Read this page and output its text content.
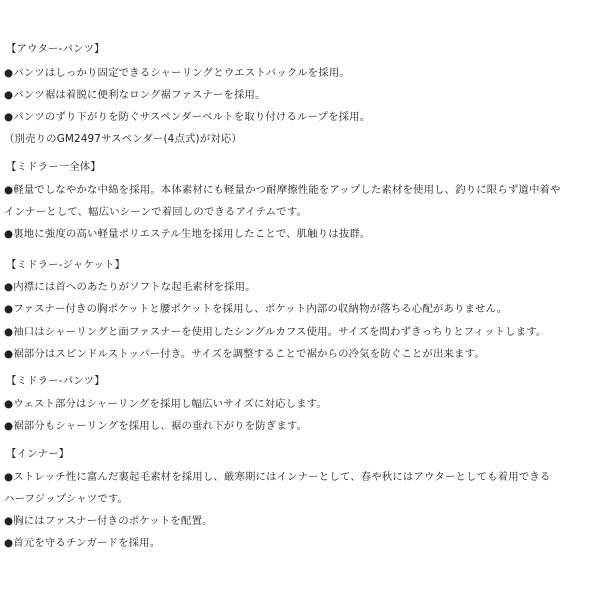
【アウター-パンツ】
●パンツはしっかり固定できるシャーリングとウエストバックルを採用。
●パンツ裾は着脱に便利なロング裾ファスナーを採用。
●パンツのずり下がりを防ぐサスペンダーベルトを取り付けるループを採用。
（別売りのGM2497サスペンダー(4点式)が対応）
【ミドラー一全体】
●軽量でしなやかな中綿を採用。本体素材にも軽量かつ耐摩擦性能をアップした素材を使用し、釣りに限らず道中着や
インナーとして、幅広いシーンで着回しのできるアイテムです。
●裏地に強度の高い軽量ポリエステル生地を採用したことで、肌触りは抜群。
【ミドラー-ジャケット】
●内襟には首へのあたりがソフトな起毛素材を採用。
●ファスナー付きの胸ポケットと腰ポケットを採用し、ポケット内部の収納物が落ちる心配がありません。
●袖口はシャーリングと面ファスナーを使用したシングルカフス使用。サイズを問わずきっちりとフィットします。
●裾部分はスピンドルストッパー付き。サイズを調整することで裾からの冷気を防ぐことが出来ます。
【ミドラー-パンツ】
●ウェスト部分はシャーリングを採用し幅広いサイズに対応します。
●裾部分もシャーリングを採用し、裾の垂れ下がりを防ぎます。
【インナー】
●ストレッチ性に富んだ裏起毛素材を採用し、厳寒期にはインナーとして、春や秋にはアウターとしても着用できる
ハーフジップシャツです。
●胸にはファスナー付きのポケットを配置。
●首元を守るチンガードを採用。
